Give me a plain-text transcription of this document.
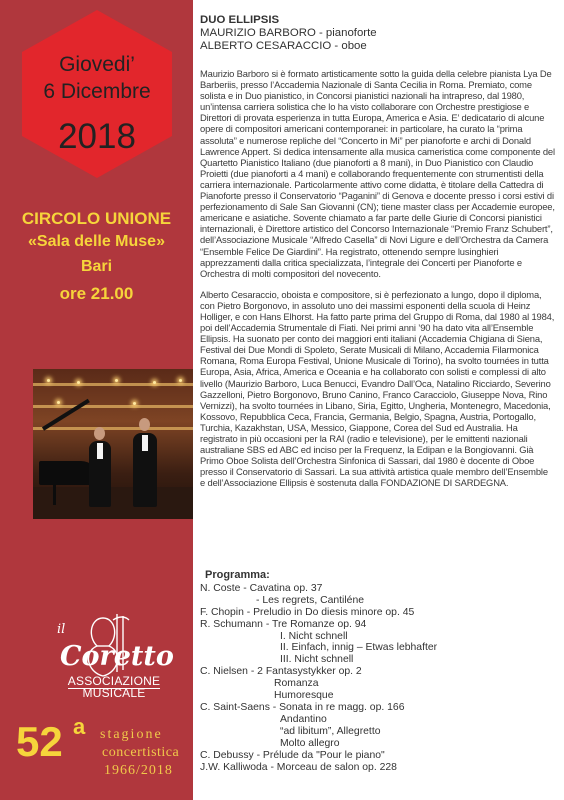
Giovedi’
6 Dicembre
2018
CIRCOLO UNIONE
«Sala delle Muse»
Bari
ore 21.00
il
Coretto
ASSOCIAZIONE
MUSICALE
52 a stagione
concertistica
1966/2018
DUO ELLIPSIS
MAURIZIO BARBORO - pianoforte
ALBERTO CESARACCIO - oboe

Maurizio Barboro si è formato artisticamente sotto la guida della celebre pianista Lya De Barberiis, presso l’Accademia Nazionale di Santa Cecilia in Roma. Premiato, come solista e in Duo pianistico, in Concorsi pianistici nazionali ha intrapreso, dal 1980, un’intensa carriera solistica che lo ha visto collaborare con Orchestre prestigiose e Direttori di provata esperienza in tutta Europa, America e Asia. E’ dedicatario di alcune opere di compositori americani contemporanei: in particolare, ha curato la “prima assoluta” e numerose repliche del “Concerto in Mi” per pianoforte e archi di Donald Lawrence Appert. Si dedica intensamente alla musica cameristica come componente del Quartetto Pianistico Italiano (due pianoforti a 8 mani), in Duo Pianistico con Claudio Proietti (due pianoforti a 4 mani) e collaborando frequentemente con strumentisti della carriera internazionale. Particolarmente attivo come didatta, è titolare della Cattedra di Pianoforte presso il Conservatorio “Paganini” di Genova e docente presso i corsi estivi di perfezionamento di Sale San Giovanni (CN); tiene master class per Accademie europee, americane e asiatiche. Sovente chiamato a far parte delle Giurie di Concorsi pianistici internazionali, è Direttore artistico del Concorso Internazionale “Premio Franz Schubert”, dell’Associazione Musicale “Alfredo Casella” di Novi Ligure e dell’Orchestra da Camera “Ensemble Felice De Giardini”. Ha registrato, ottenendo sempre lusinghieri apprezzamenti dalla critica specializzata, l’integrale dei Concerti per Pianoforte e Orchestra di molti compositori del novecento.

Alberto Cesaraccio, oboista e compositore, si è perfezionato a lungo, dopo il diploma, con Pietro Borgonovo, in assoluto uno dei massimi esponenti della scuola di Heinz Holliger, e con Hans Elhorst. Ha fatto parte prima del Gruppo di Roma, dal 1980 al 1984, poi dell’Accademia Strumentale di Fiati. Nei primi anni ’90 ha dato vita all’Ensemble Ellipsis. Ha suonato per conto dei maggiori enti italiani (Accademia Chigiana di Siena, Festival dei Due Mondi di Spoleto, Serate Musicali di Milano, Accademia Filarmonica Romana, Roma Europa Festival, Unione Musicale di Torino), ha svolto tournées in tutta Europa, Asia, Africa, America e Oceania e ha collaborato con solisti e complessi di alto livello (Maurizio Barboro, Luca Benucci, Evandro Dall’Oca, Natalino Ricciardo, Severino Gazzelloni, Pietro Borgonovo, Bruno Canino, Franco Caracciolo, Giuseppe Nova, Rino Vernizzi), ha svolto tournées in Libano, Siria, Egitto, Ungheria, Montenegro, Macedonia, Kossovo, Repubblica Ceca, Francia, Germania, Belgio, Spagna, Austria, Portogallo, Turchia, Kazakhstan, USA, Messico, Giappone, Corea del Sud ed Australia. Ha registrato in più occasioni per la RAI (radio e televisione), per le emittenti nazionali australiane SBS ed ABC ed inciso per la Frequenz, la Edipan e la Bongiovanni. Già Primo Oboe Solista dell’Orchestra Sinfonica di Sassari, dal 1980 è docente di Oboe presso il Conservatorio di Sassari. La sua attività artistica quale membro dell’Ensemble e dell’Associazione Ellipsis è sostenuta dalla FONDAZIONE DI SARDEGNA.

Programma:
N. Coste - Cavatina op. 37
- Les regrets, Cantiléne
F. Chopin - Preludio in Do diesis minore op. 45
R. Schumann - Tre Romanze op. 94
I. Nicht schnell
II. Einfach, innig – Etwas lebhafter
III. Nicht schnell
C. Nielsen - 2 Fantasystykker op. 2
Romanza
Humoresque
C. Saint-Saens - Sonata in re magg. op. 166
Andantino
“ad libitum”, Allegretto
Molto allegro
C. Debussy - Prélude da "Pour le piano"
J.W. Kalliwoda - Morceau de salon op. 228
